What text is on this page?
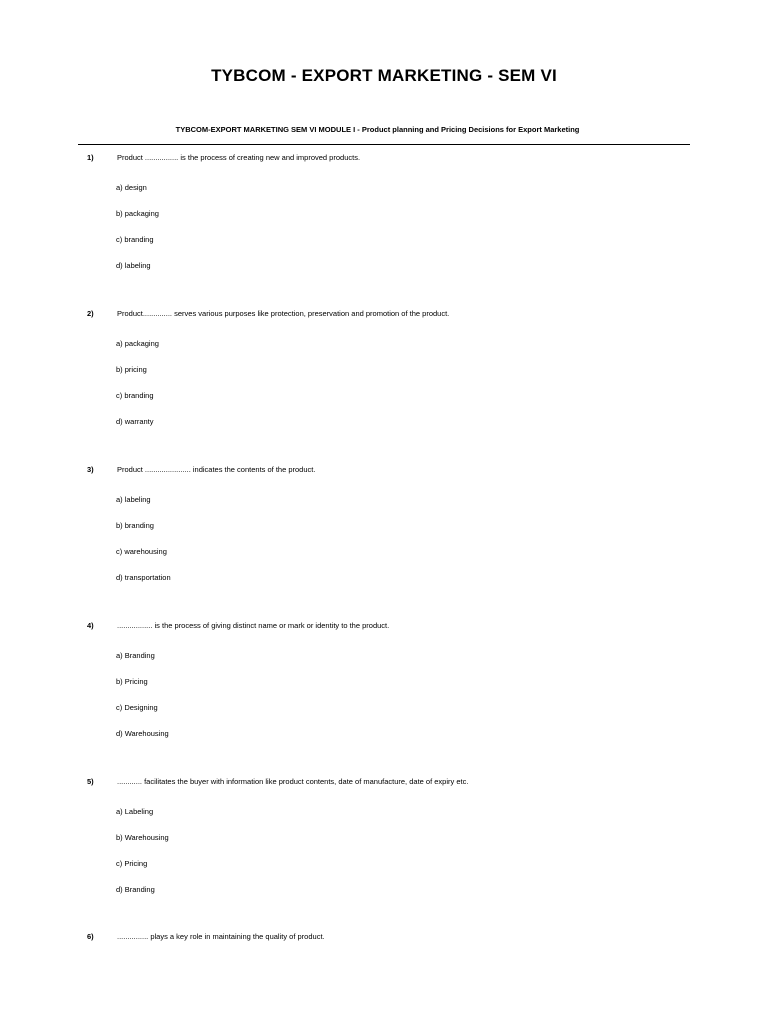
TYBCOM - EXPORT MARKETING - SEM VI
TYBCOM-EXPORT MARKETING SEM VI MODULE I - Product planning and Pricing Decisions for Export Marketing
1)	Product ................ is the process of creating new and improved products.
a) design
b) packaging
c) branding
d) labeling
2)	Product.............. serves various purposes like protection, preservation and promotion of the product.
a) packaging
b) pricing
c) branding
d) warranty
3)	Product ...................... indicates the contents of the product.
a) labeling
b) branding
c) warehousing
d) transportation
4)	................. is the process of giving distinct name or mark or identity to the product.
a) Branding
b) Pricing
c) Designing
d) Warehousing
5)	............ facilitates the buyer with information like product contents, date of manufacture, date of expiry etc.
a) Labeling
b) Warehousing
c) Pricing
d) Branding
6)	............... plays a key role in maintaining the quality of product.
